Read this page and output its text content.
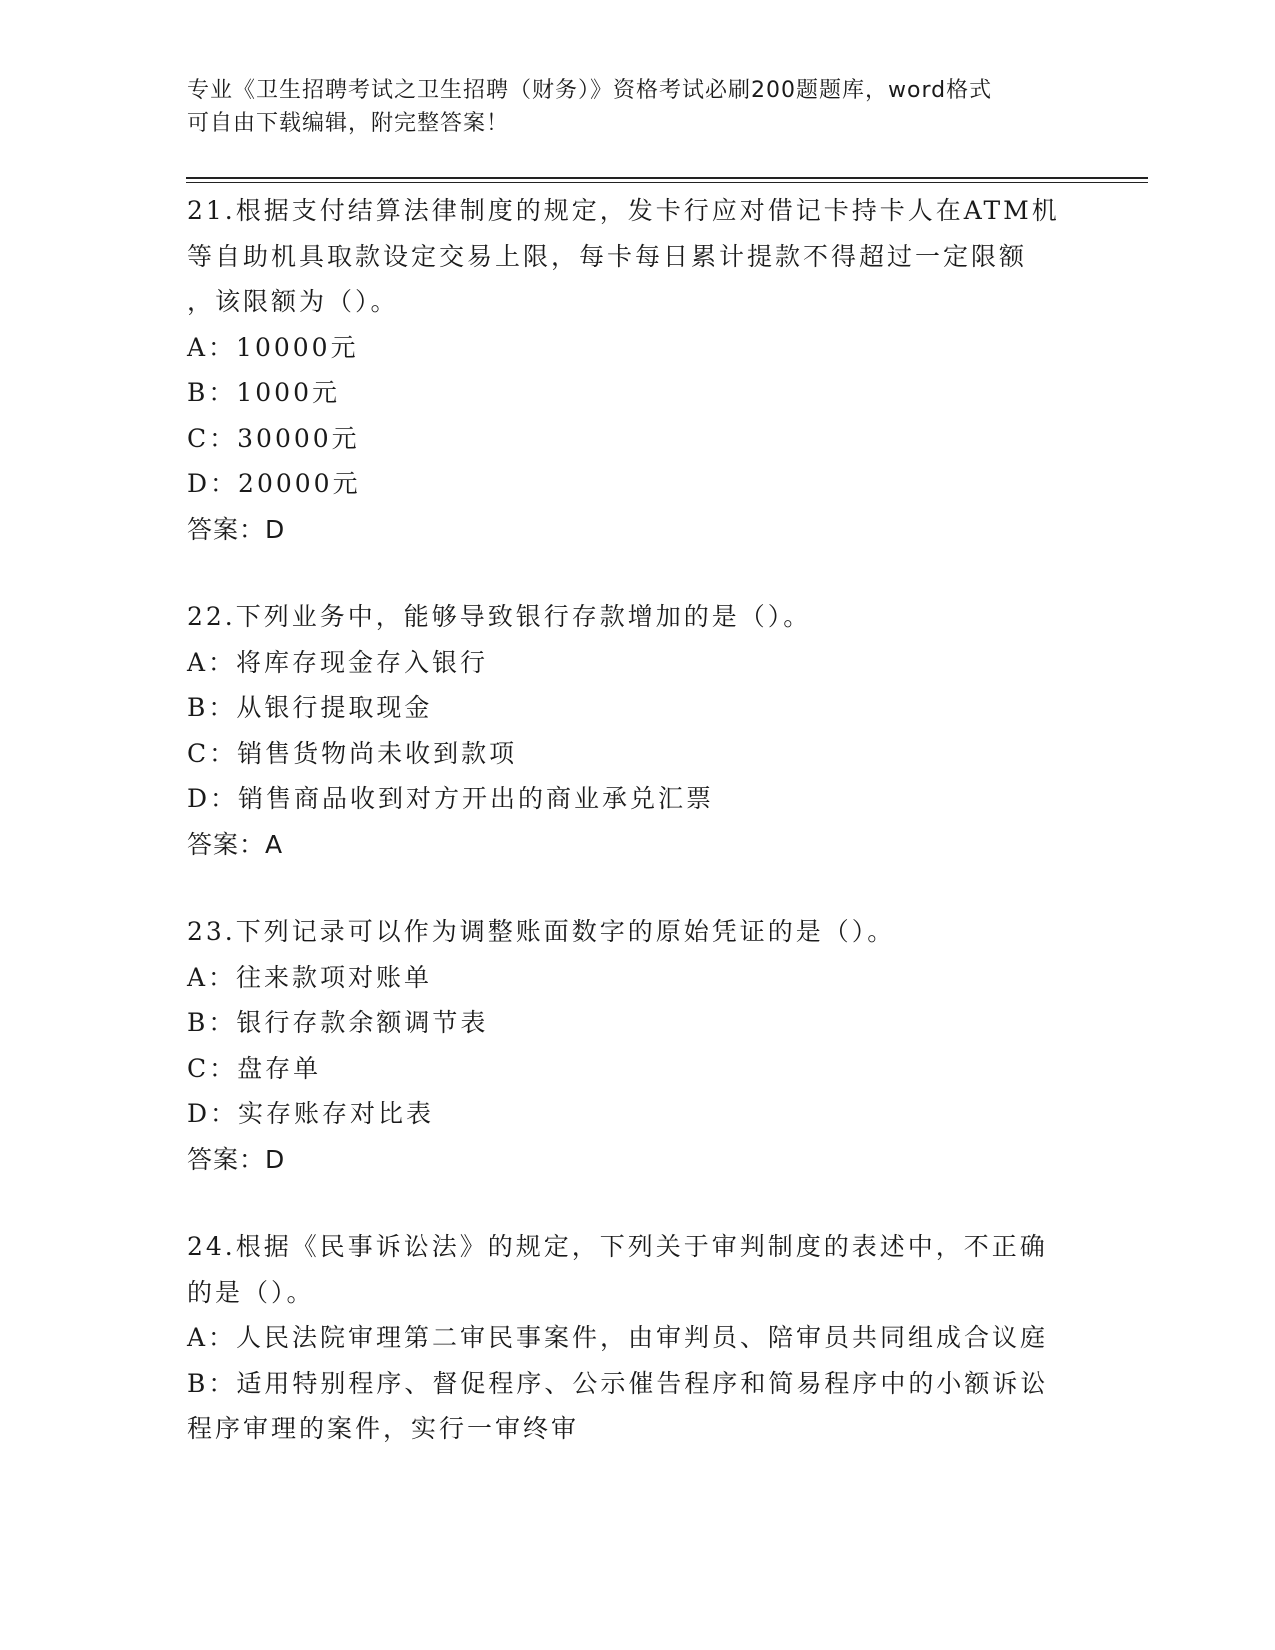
专业《卫生招聘考试之卫生招聘（财务）》资格考试必刷200题题库，word格式
可自由下载编辑，附完整答案！
21.根据支付结算法律制度的规定，发卡行应对借记卡持卡人在ATM机
等自助机具取款设定交易上限，每卡每日累计提款不得超过一定限额
，该限额为（）。
A：10000元
B：1000元
C：30000元
D：20000元
答案：D
22.下列业务中，能够导致银行存款增加的是（）。
A：将库存现金存入银行
B：从银行提取现金
C：销售货物尚未收到款项
D：销售商品收到对方开出的商业承兑汇票
答案：A
23.下列记录可以作为调整账面数字的原始凭证的是（）。
A：往来款项对账单
B：银行存款余额调节表
C：盘存单
D：实存账存对比表
答案：D
24.根据《民事诉讼法》的规定，下列关于审判制度的表述中，不正确
的是（）。
A：人民法院审理第二审民事案件，由审判员、陪审员共同组成合议庭
B：适用特别程序、督促程序、公示催告程序和简易程序中的小额诉讼
程序审理的案件，实行一审终审
